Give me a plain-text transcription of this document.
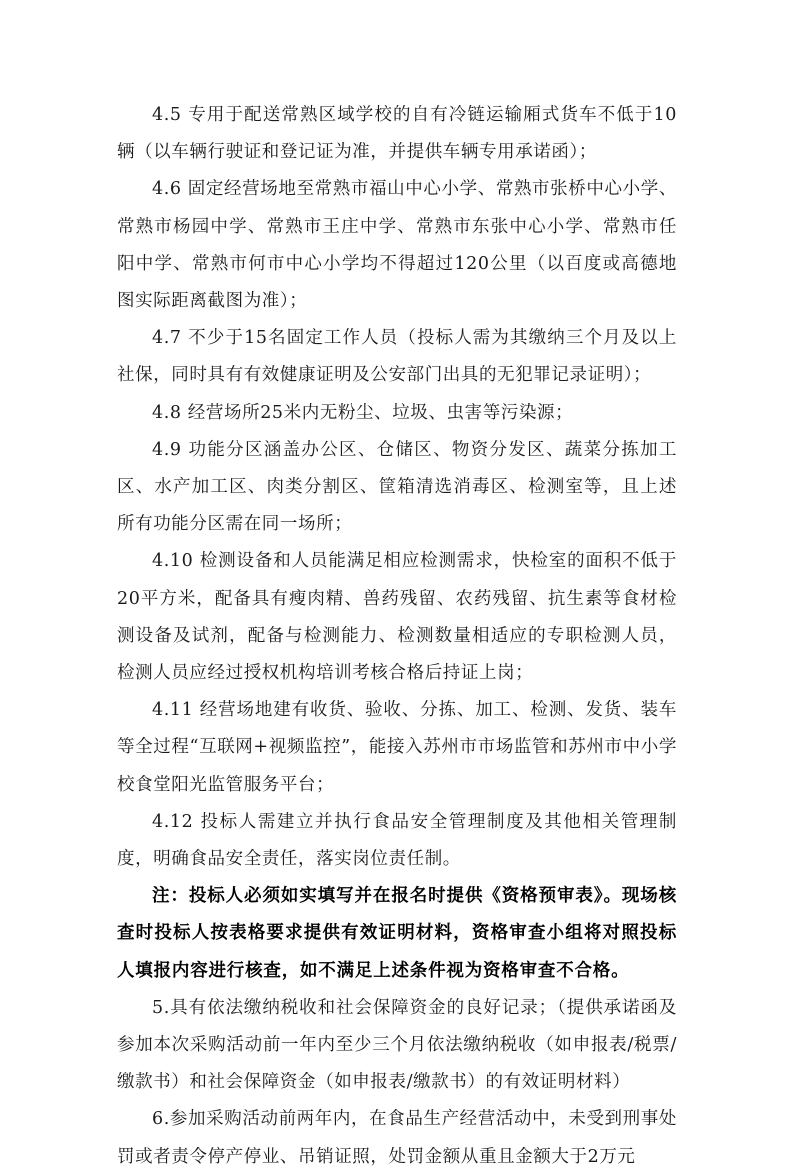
4.5 专用于配送常熟区域学校的自有冷链运输厢式货车不低于10辆（以车辆行驶证和登记证为准，并提供车辆专用承诺函）；

4.6 固定经营场地至常熟市福山中心小学、常熟市张桥中心小学、常熟市杨园中学、常熟市王庄中学、常熟市东张中心小学、常熟市任阳中学、常熟市何市中心小学均不得超过120公里（以百度或高德地图实际距离截图为准）；

4.7 不少于15名固定工作人员（投标人需为其缴纳三个月及以上社保，同时具有有效健康证明及公安部门出具的无犯罪记录证明）；

4.8 经营场所25米内无粉尘、垃圾、虫害等污染源；

4.9 功能分区涵盖办公区、仓储区、物资分发区、蔬菜分拣加工区、水产加工区、肉类分割区、筐箱清选消毒区、检测室等，且上述所有功能分区需在同一场所；

4.10 检测设备和人员能满足相应检测需求，快检室的面积不低于20平方米，配备具有瘦肉精、兽药残留、农药残留、抗生素等食材检测设备及试剂，配备与检测能力、检测数量相适应的专职检测人员，检测人员应经过授权机构培训考核合格后持证上岗；

4.11 经营场地建有收货、验收、分拣、加工、检测、发货、装车等全过程“互联网+视频监控”，能接入苏州市市场监管和苏州市中小学校食堂阳光监管服务平台；

4.12 投标人需建立并执行食品安全管理制度及其他相关管理制度，明确食品安全责任，落实岗位责任制。

注：投标人必须如实填写并在报名时提供《资格预审表》。现场核查时投标人按表格要求提供有效证明材料，资格审查小组将对照投标人填报内容进行核查，如不满足上述条件视为资格审查不合格。

5.具有依法缴纳税收和社会保障资金的良好记录；（提供承诺函及参加本次采购活动前一年内至少三个月依法缴纳税收（如申报表/税票/缴款书）和社会保障资金（如申报表/缴款书）的有效证明材料）

6.参加采购活动前两年内，在食品生产经营活动中，未受到刑事处罚或者责令停产停业、吊销证照，处罚金额从重且金额大于2万元
